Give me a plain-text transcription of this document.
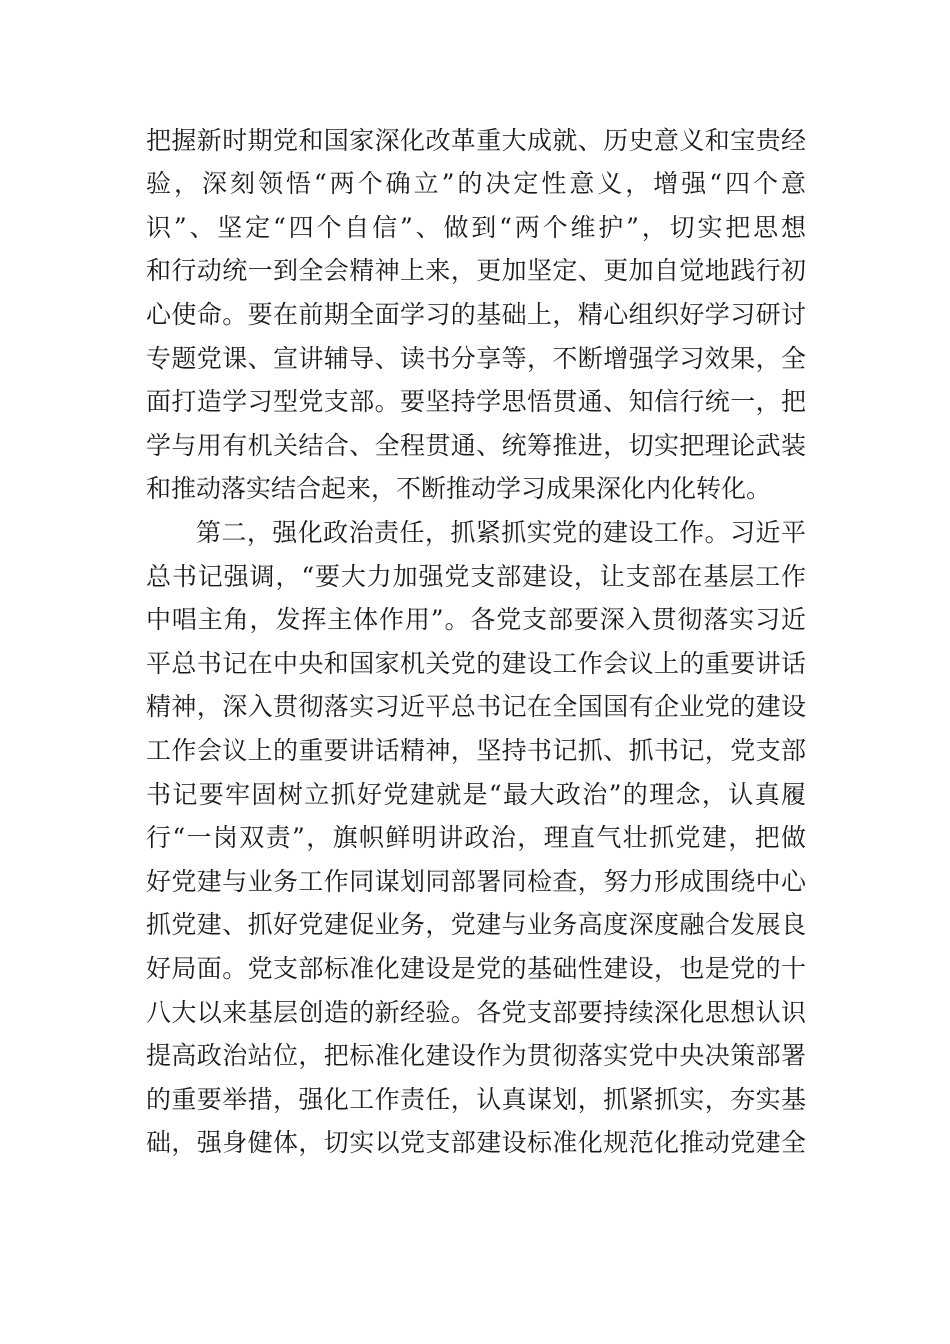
把握新时期党和国家深化改革重大成就、历史意义和宝贵经
验，深刻领悟“两个确立”的决定性意义，增强“四个意
识”、坚定“四个自信”、做到“两个维护”，切实把思想
和行动统一到全会精神上来，更加坚定、更加自觉地践行初
心使命。要在前期全面学习的基础上，精心组织好学习研讨
专题党课、宣讲辅导、读书分享等，不断增强学习效果，全
面打造学习型党支部。要坚持学思悟贯通、知信行统一，把
学与用有机关结合、全程贯通、统筹推进，切实把理论武装
和推动落实结合起来，不断推动学习成果深化内化转化。
第二，强化政治责任，抓紧抓实党的建设工作。习近平
总书记强调，“要大力加强党支部建设，让支部在基层工作
中唱主角，发挥主体作用”。各党支部要深入贯彻落实习近
平总书记在中央和国家机关党的建设工作会议上的重要讲话
精神，深入贯彻落实习近平总书记在全国国有企业党的建设
工作会议上的重要讲话精神，坚持书记抓、抓书记，党支部
书记要牢固树立抓好党建就是“最大政治”的理念，认真履
行“一岗双责”，旗帜鲜明讲政治，理直气壮抓党建，把做
好党建与业务工作同谋划同部署同检查，努力形成围绕中心
抓党建、抓好党建促业务，党建与业务高度深度融合发展良
好局面。党支部标准化建设是党的基础性建设，也是党的十
八大以来基层创造的新经验。各党支部要持续深化思想认识
提高政治站位，把标准化建设作为贯彻落实党中央决策部署
的重要举措，强化工作责任，认真谋划，抓紧抓实，夯实基
础，强身健体，切实以党支部建设标准化规范化推动党建全
